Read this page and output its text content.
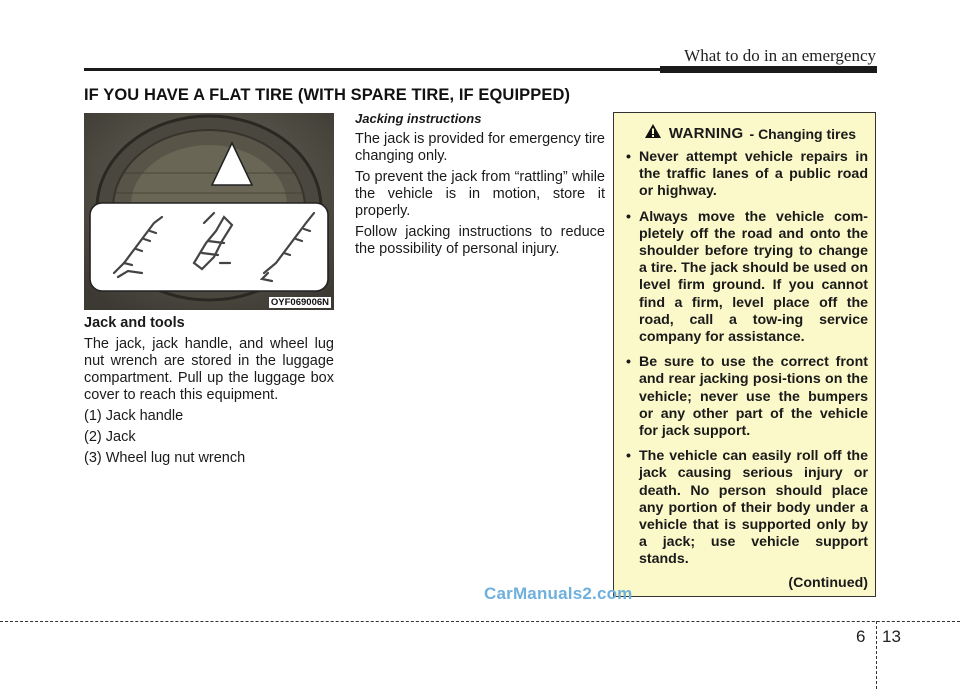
What to do in an emergency
IF YOU HAVE A FLAT TIRE (WITH SPARE TIRE, IF EQUIPPED)
OYF069006N

Jack and tools

The jack, jack handle, and wheel lug nut wrench are stored in the luggage compartment. Pull up the luggage box cover to reach this equipment.

(1) Jack handle

(2) Jack

(3) Wheel lug nut wrench

Jacking instructions

The jack is provided for emergency tire changing only.

To prevent the jack from “rattling” while the vehicle is in motion, store it properly.

Follow jacking instructions to reduce the possibility of personal injury.

WARNING - Changing tires
• Never attempt vehicle repairs in the traffic lanes of a public road or highway.
• Always move the vehicle com-pletely off the road and onto the shoulder before trying to change a tire. The jack should be used on level firm ground. If you cannot find a firm, level place off the road, call a tow-ing service company for assistance.
• Be sure to use the correct front and rear jacking posi-tions on the vehicle; never use the bumpers or any other part of the vehicle for jack support.
• The vehicle can easily roll off the jack causing serious injury or death. No person should place any portion of their body under a vehicle that is supported only by a jack; use vehicle support stands.
(Continued)
CarManuals2.com
6 13
